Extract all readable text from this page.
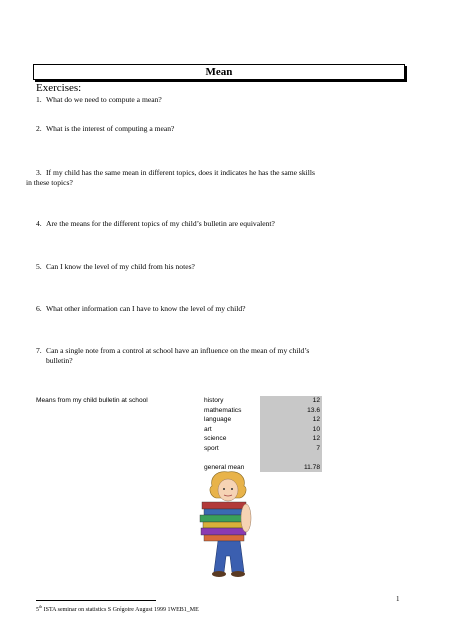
Mean
Exercises:
1. What do we need to compute a mean?
2. What is the interest of computing a mean?
3. If my child has the same mean in different topics, does it indicates he has the same skills
in these topics?
4. Are the means for the different topics of my child’s bulletin are equivalent?
5. Can I know the level of my child from his notes?
6. What other information can I have to know the level of my child?
7. Can a single note from a control at school have an influence on the mean of my child’s
bulletin?
Means from my child bulletin at school	history	12
mathematics	13.6
language	12
art	10
science	12
sport	7

general mean	11.78
5th ISTA seminar on statistics S Grégoire August 1999 1WEB1_ME
1
